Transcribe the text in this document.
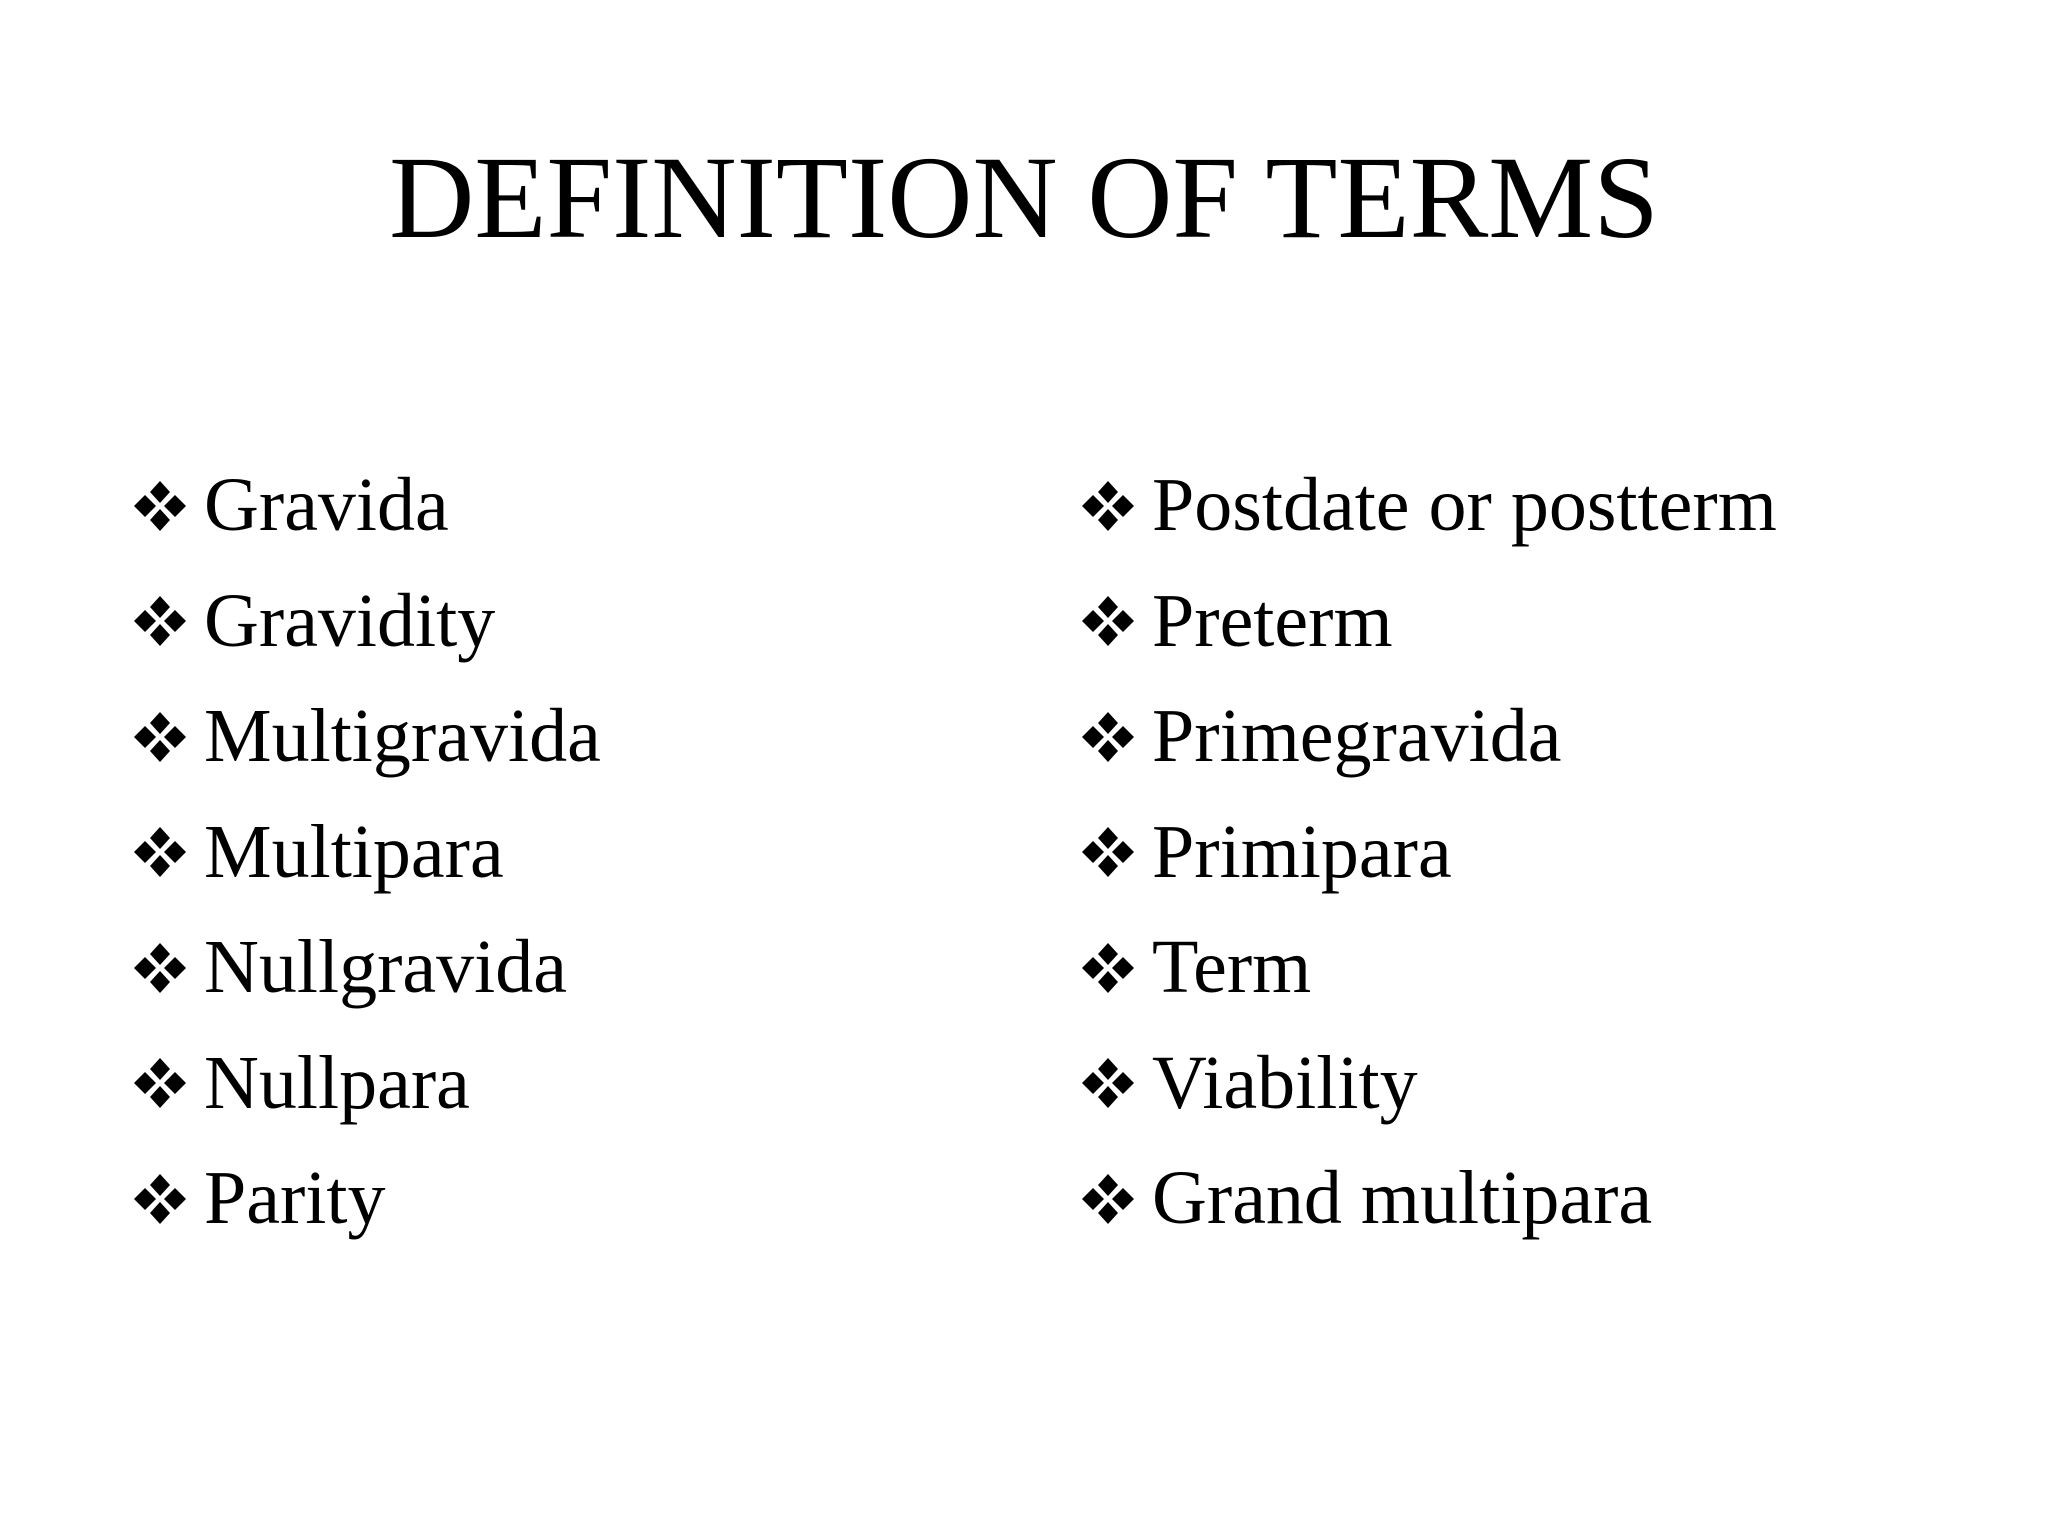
DEFINITION OF TERMS
Gravida
Gravidity
Multigravida
Multipara
Nullgravida
Nullpara
Parity
Postdate or postterm
Preterm
Primegravida
Primipara
Term
Viability
Grand multipara
